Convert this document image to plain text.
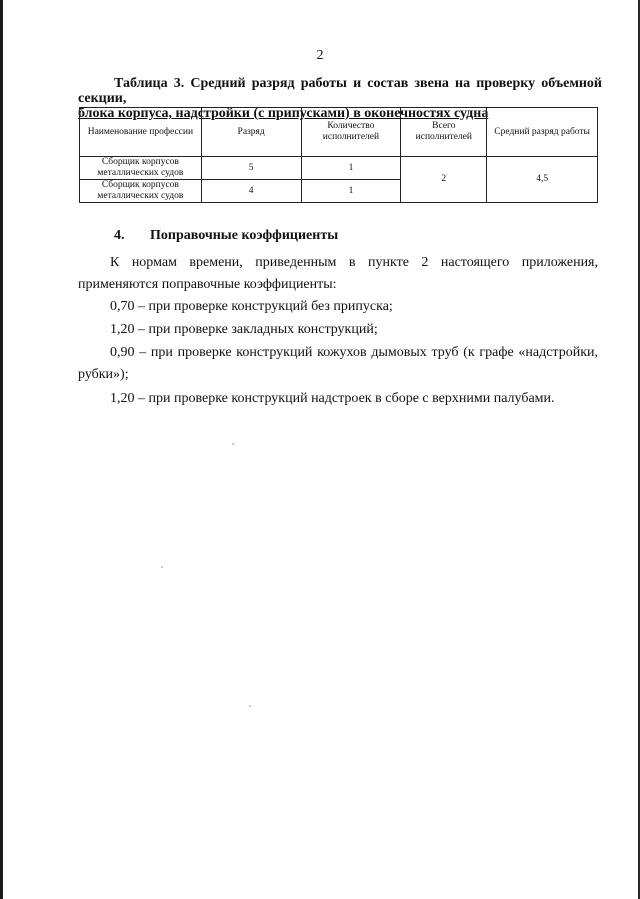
2
Таблица 3. Средний разряд работы и состав звена на проверку объемной секции,
блока корпуса, надстройки (с припусками) в оконечностях судна
Наименование профессии	Разряд	Количество исполнителей	Всего исполнителей	Средний разряд работы
Сборщик корпусов металлических судов	5	1	2	4,5
Сборщик корпусов металлических судов	4	1		
4. Поправочные коэффициенты
К нормам времени, приведенным в пункте 2 настоящего приложения, применяются поправочные коэффициенты:
0,70 – при проверке конструкций без припуска;
1,20 – при проверке закладных конструкций;
0,90 – при проверке конструкций кожухов дымовых труб (к графе «надстройки, рубки»);
1,20 – при проверке конструкций надстроек в сборе с верхними палубами.
